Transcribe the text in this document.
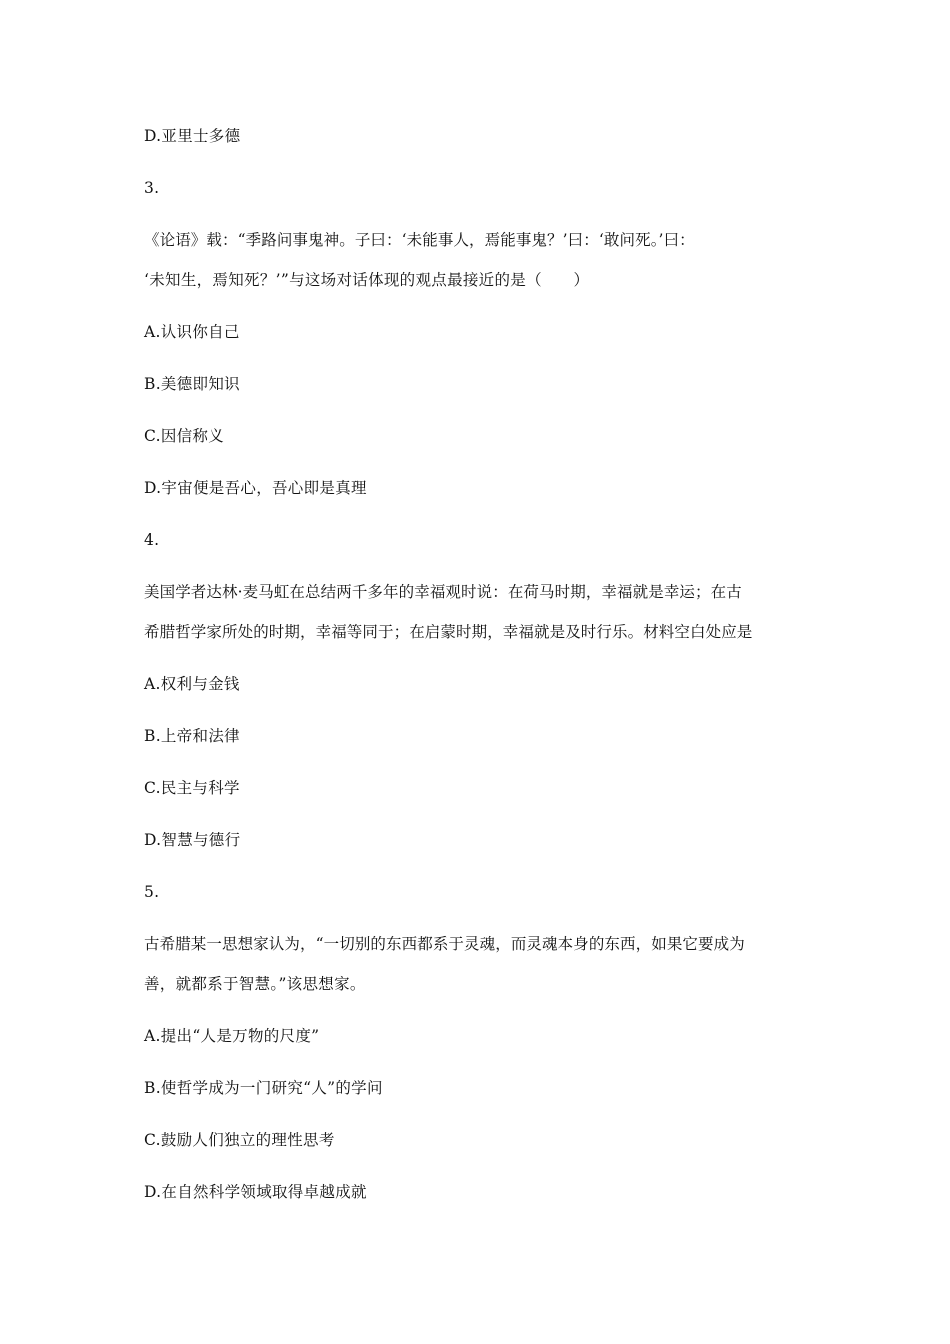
D.亚里士多德
3.
《论语》载：“季路问事鬼神。子曰：‘未能事人，焉能事鬼？’曰：‘敢问死。’曰：
‘未知生，焉知死？’”与这场对话体现的观点最接近的是（　　）
A.认识你自己
B.美德即知识
C.因信称义
D.宇宙便是吾心，吾心即是真理
4.
美国学者达林·麦马虹在总结两千多年的幸福观时说：在荷马时期，幸福就是幸运；在古
希腊哲学家所处的时期，幸福等同于；在启蒙时期，幸福就是及时行乐。材料空白处应是
A.权利与金钱
B.上帝和法律
C.民主与科学
D.智慧与德行
5.
古希腊某一思想家认为，“一切别的东西都系于灵魂，而灵魂本身的东西，如果它要成为
善，就都系于智慧。”该思想家。
A.提出“人是万物的尺度”
B.使哲学成为一门研究“人”的学问
C.鼓励人们独立的理性思考
D.在自然科学领域取得卓越成就
